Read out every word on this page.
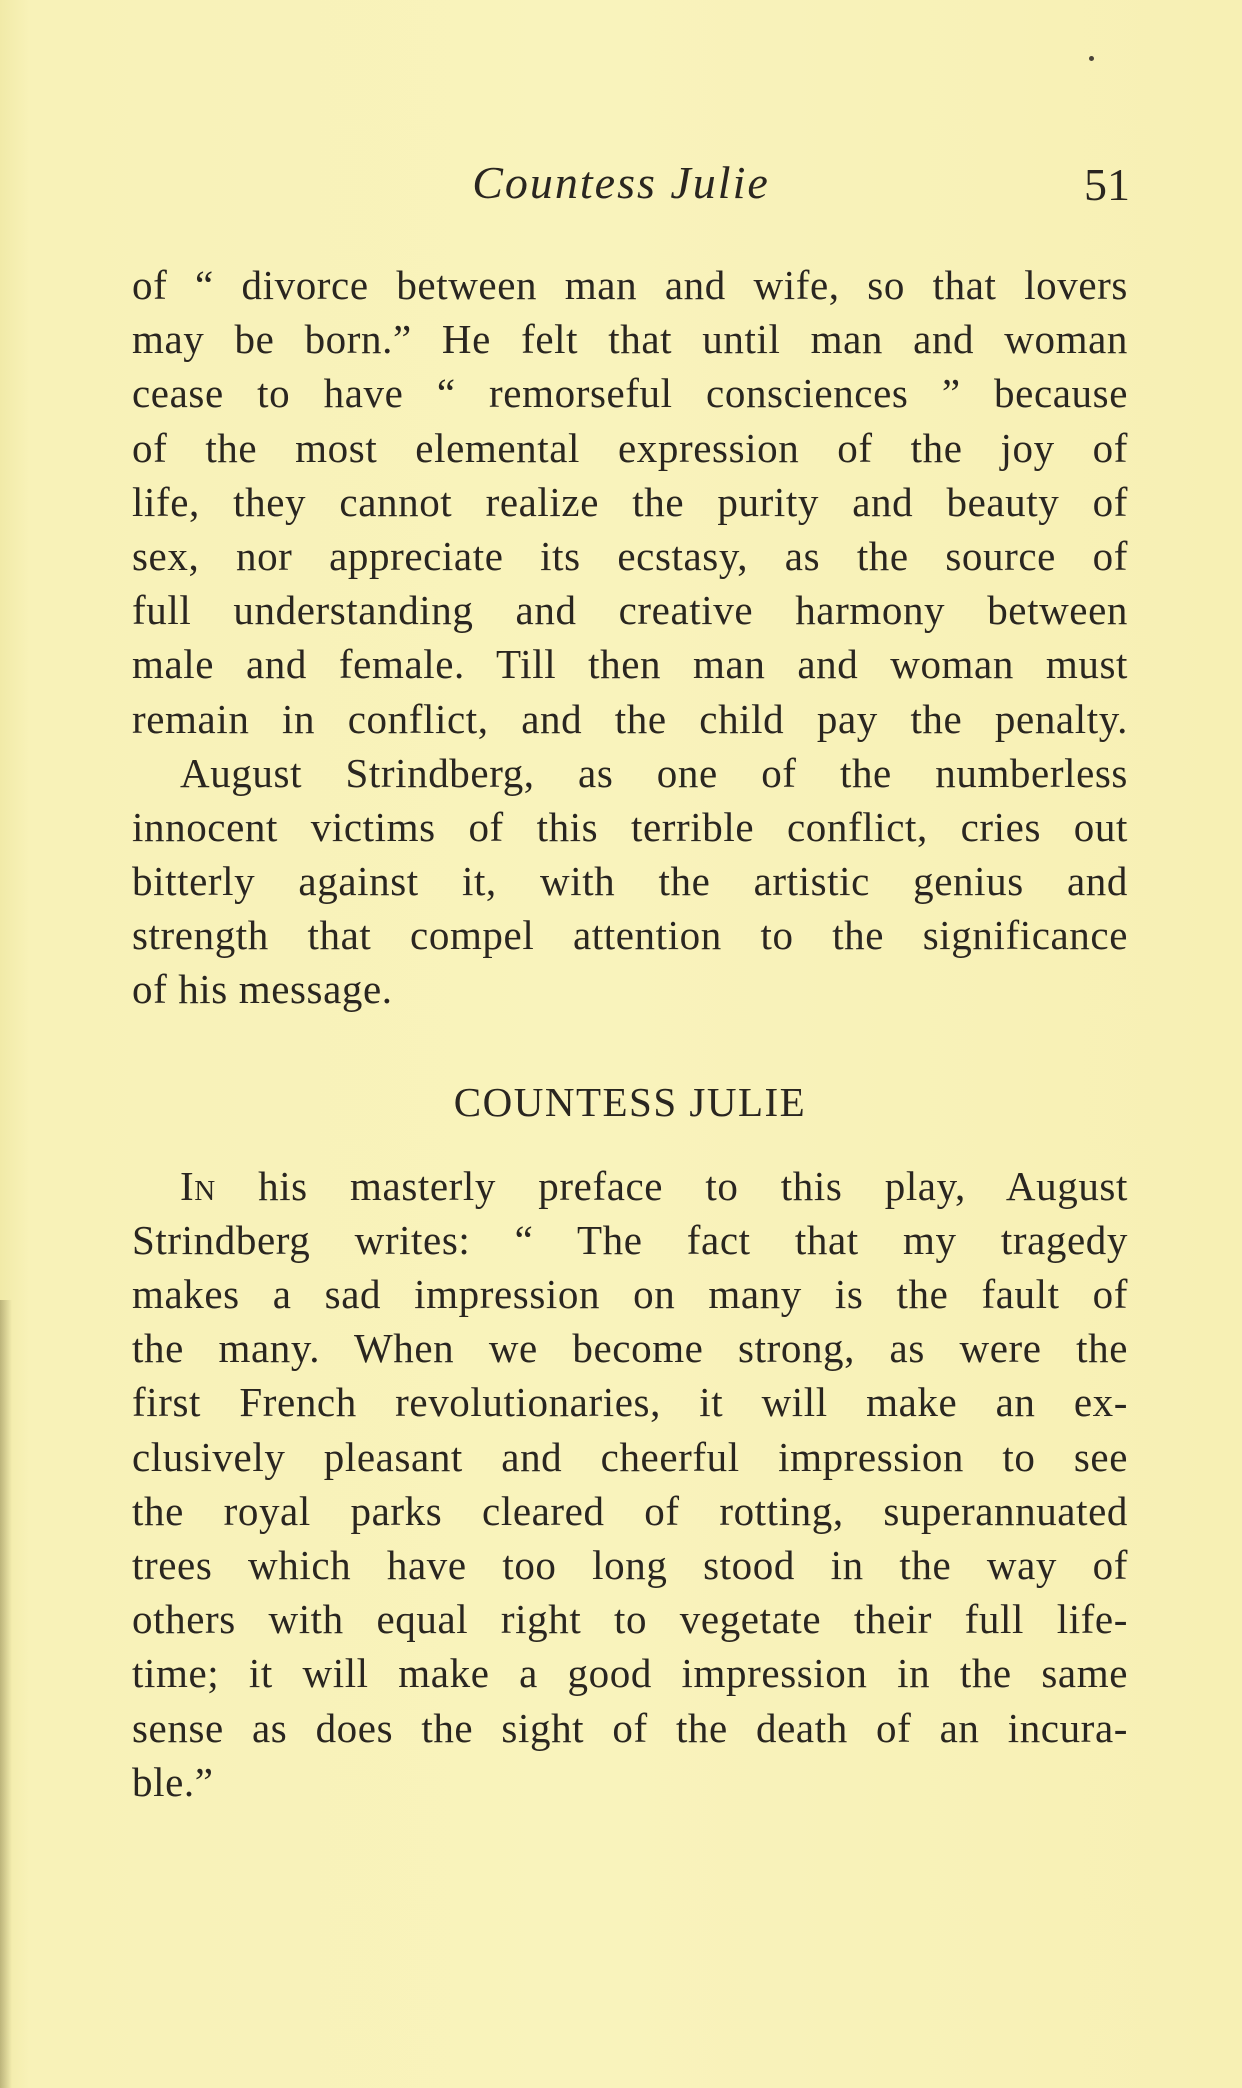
Countess Julie	51
of “ divorce between man and wife, so that lovers
may be born.” He felt that until man and woman
cease to have “ remorseful consciences ” because
of the most elemental expression of the joy of
life, they cannot realize the purity and beauty of
sex, nor appreciate its ecstasy, as the source of
full understanding and creative harmony between
male and female. Till then man and woman must
remain in conflict, and the child pay the penalty.
August Strindberg, as one of the numberless
innocent victims of this terrible conflict, cries out
bitterly against it, with the artistic genius and
strength that compel attention to the significance
of his message.
COUNTESS JULIE
In his masterly preface to this play, August
Strindberg writes: “ The fact that my tragedy
makes a sad impression on many is the fault of
the many. When we become strong, as were the
first French revolutionaries, it will make an ex-
clusively pleasant and cheerful impression to see
the royal parks cleared of rotting, superannuated
trees which have too long stood in the way of
others with equal right to vegetate their full life-
time; it will make a good impression in the same
sense as does the sight of the death of an incura-
ble.”
